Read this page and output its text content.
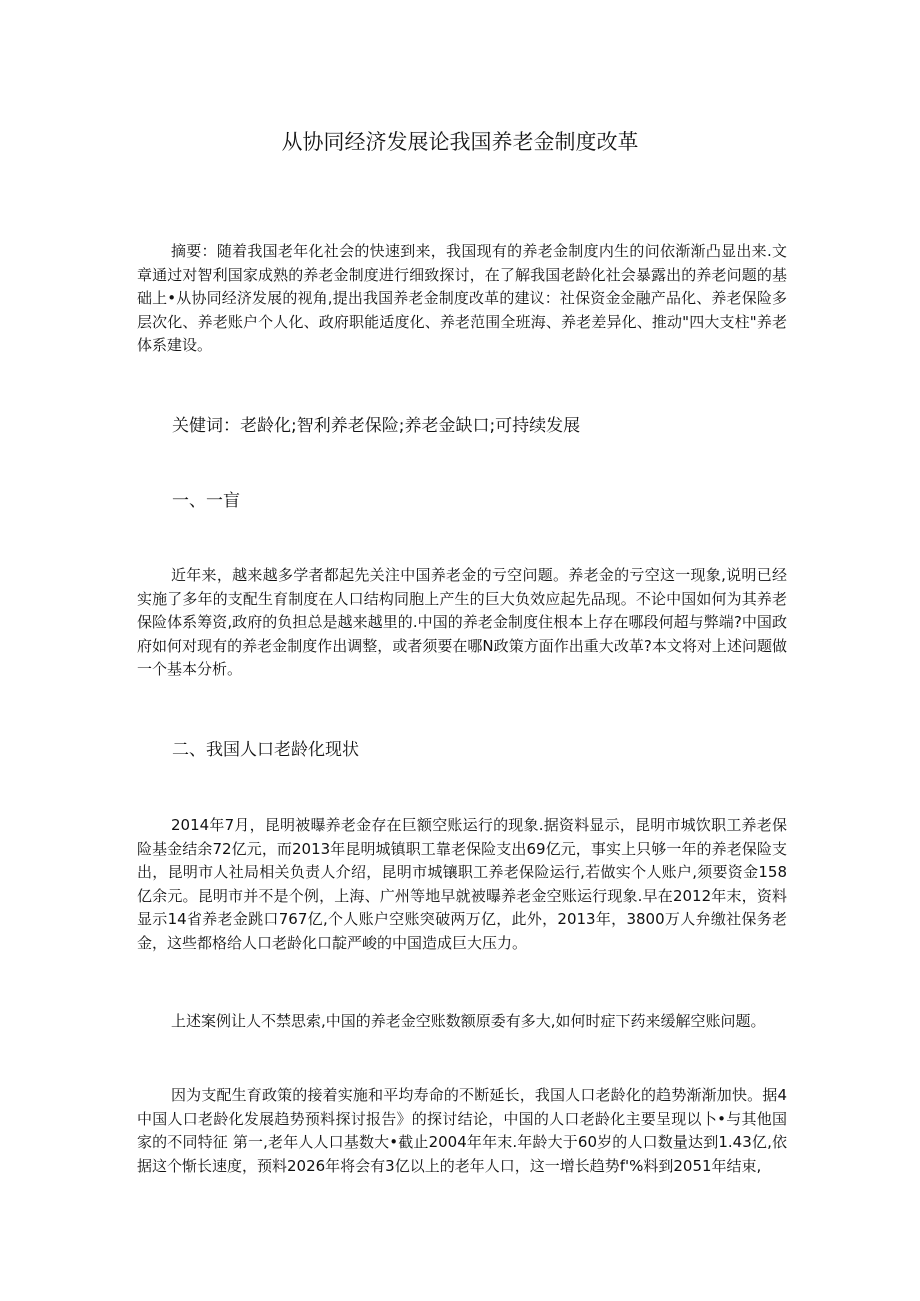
从协同经济发展论我国养老金制度改革
摘要：随着我国老年化社会的快速到来，我国现有的养老金制度内生的问依渐渐凸显出来.文章通过对智利国家成熟的养老金制度进行细致探讨，在了解我国老龄化社会暴露出的养老问题的基础上•从协同经济发展的视角,提出我国养老金制度改革的建议：社保资金金融产品化、养老保险多层次化、养老账户个人化、政府职能适度化、养老范围全班海、养老差异化、推动"四大支柱"养老体系建设。
关健词：老龄化;智利养老保险;养老金缺口;可持续发展
一、一盲
近年来，越来越多学者都起先关注中国养老金的亏空问题。养老金的亏空这一现象,说明已经实施了多年的支配生育制度在人口结构同胞上产生的巨大负效应起先品现。不论中国如何为其养老保险体系筹资,政府的负担总是越来越里的.中国的养老金制度住根本上存在哪段何超与弊端?中国政府如何对现有的养老金制度作出调整，或者须要在哪N政策方面作出重大改革?本文将对上述问题做一个基本分析。
二、我国人口老龄化现状
2014年7月，昆明被曝养老金存在巨额空账运行的现象.据资料显示，昆明市城饮职工养老保险基金结余72亿元，而2013年昆明城镇职工靠老保险支出69亿元，事实上只够一年的养老保险支出，昆明市人社局相关负责人介绍，昆明市城镶职工养老保险运行,若做实个人账户,须要资金158亿余元。昆明市并不是个例，上海、广州等地早就被曝养老金空账运行现象.早在2012年末，资料显示14省养老金跳口767亿,个人账户空账突破两万亿，此外，2013年，3800万人弁缴社保务老金，这些都格给人口老龄化口靛严峻的中国造成巨大压力。
上述案例让人不禁思索,中国的养老金空账数额原委有多大,如何时症下药来缓解空账问题。
因为支配生育政策的接着实施和平均寿命的不断延长，我国人口老龄化的趋势渐渐加快。据4中国人口老龄化发展趋势预料探讨报告》的探讨结论，中国的人口老龄化主要呈现以卜•与其他国家的不同特征 第一,老年人人口基数大•截止2004年年末.年龄大于60岁的人口数量达到1.43亿,依据这个惭长速度，预料2026年将会有3亿以上的老年人口，这一增长趋势f'%料到2051年结束,
